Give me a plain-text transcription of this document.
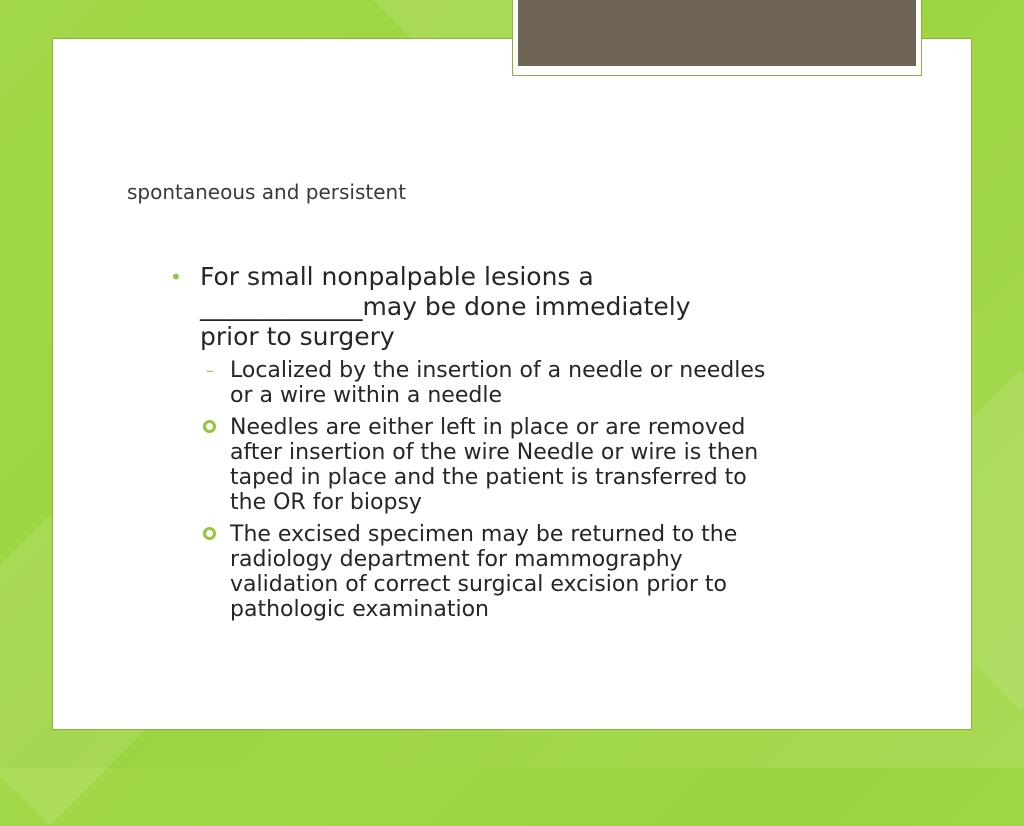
spontaneous and persistent
• For small nonpalpable lesions a
_____________may be done immediately
prior to surgery
– Localized by the insertion of a needle or needles
or a wire within a needle
Needles are either left in place or are removed
after insertion of the wire Needle or wire is then
taped in place and the patient is transferred to
the OR for biopsy
The excised specimen may be returned to the
radiology department for mammography
validation of correct surgical excision prior to
pathologic examination
